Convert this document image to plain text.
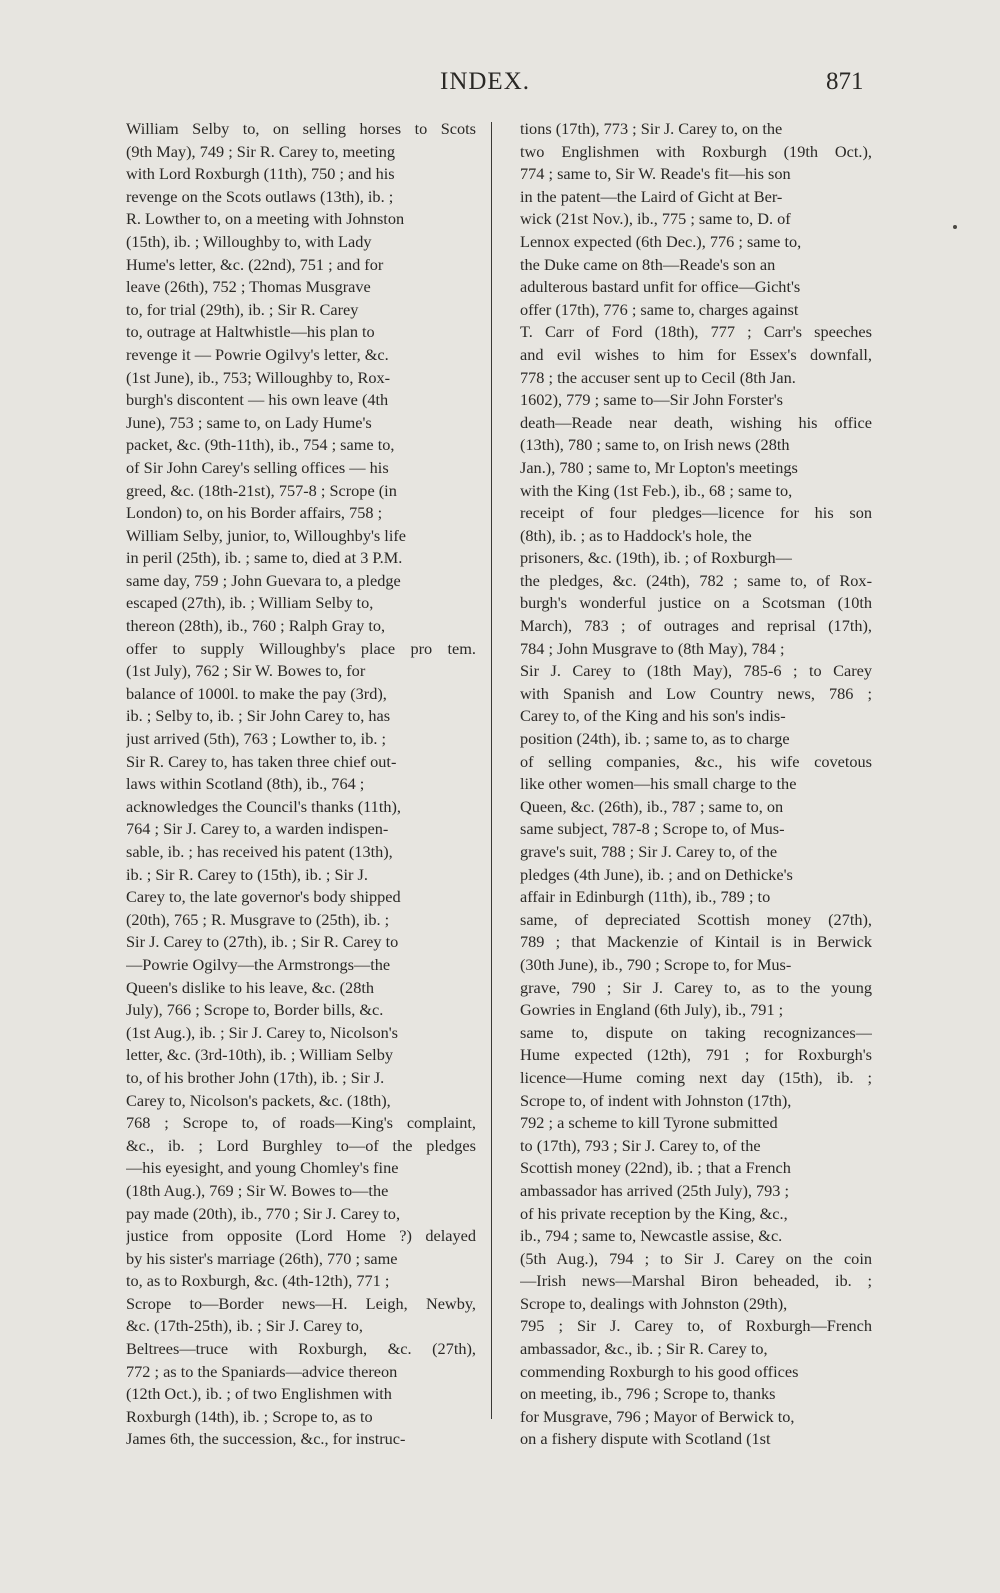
INDEX.	871
William Selby to, on selling horses to Scots
(9th May), 749 ; Sir R. Carey to, meeting
with Lord Roxburgh (11th), 750 ; and his
revenge on the Scots outlaws (13th), ib. ;
R. Lowther to, on a meeting with Johnston
(15th), ib. ; Willoughby to, with Lady
Hume's letter, &c. (22nd), 751 ; and for
leave (26th), 752 ; Thomas Musgrave
to, for trial (29th), ib. ; Sir R. Carey
to, outrage at Haltwhistle—his plan to
revenge it — Powrie Ogilvy's letter, &c.
(1st June), ib., 753; Willoughby to, Rox-
burgh's discontent — his own leave (4th
June), 753 ; same to, on Lady Hume's
packet, &c. (9th-11th), ib., 754 ; same to,
of Sir John Carey's selling offices — his
greed, &c. (18th-21st), 757-8 ; Scrope (in
London) to, on his Border affairs, 758 ;
William Selby, junior, to, Willoughby's life
in peril (25th), ib. ; same to, died at 3 P.M.
same day, 759 ; John Guevara to, a pledge
escaped (27th), ib. ; William Selby to,
thereon (28th), ib., 760 ; Ralph Gray to,
offer to supply Willoughby's place pro tem.
(1st July), 762 ; Sir W. Bowes to, for
balance of 1000l. to make the pay (3rd),
ib. ; Selby to, ib. ; Sir John Carey to, has
just arrived (5th), 763 ; Lowther to, ib. ;
Sir R. Carey to, has taken three chief out-
laws within Scotland (8th), ib., 764 ;
acknowledges the Council's thanks (11th),
764 ; Sir J. Carey to, a warden indispen-
sable, ib. ; has received his patent (13th),
ib. ; Sir R. Carey to (15th), ib. ; Sir J.
Carey to, the late governor's body shipped
(20th), 765 ; R. Musgrave to (25th), ib. ;
Sir J. Carey to (27th), ib. ; Sir R. Carey to
—Powrie Ogilvy—the Armstrongs—the
Queen's dislike to his leave, &c. (28th
July), 766 ; Scrope to, Border bills, &c.
(1st Aug.), ib. ; Sir J. Carey to, Nicolson's
letter, &c. (3rd-10th), ib. ; William Selby
to, of his brother John (17th), ib. ; Sir J.
Carey to, Nicolson's packets, &c. (18th),
768 ; Scrope to, of roads—King's complaint,
&c., ib. ; Lord Burghley to—of the pledges
—his eyesight, and young Chomley's fine
(18th Aug.), 769 ; Sir W. Bowes to—the
pay made (20th), ib., 770 ; Sir J. Carey to,
justice from opposite (Lord Home ?) delayed
by his sister's marriage (26th), 770 ; same
to, as to Roxburgh, &c. (4th-12th), 771 ;
Scrope to—Border news—H. Leigh, Newby,
&c. (17th-25th), ib. ; Sir J. Carey to,
Beltrees—truce with Roxburgh, &c. (27th),
772 ; as to the Spaniards—advice thereon
(12th Oct.), ib. ; of two Englishmen with
Roxburgh (14th), ib. ; Scrope to, as to
James 6th, the succession, &c., for instruc-
tions (17th), 773 ; Sir J. Carey to, on the
two Englishmen with Roxburgh (19th Oct.),
774 ; same to, Sir W. Reade's fit—his son
in the patent—the Laird of Gicht at Ber-
wick (21st Nov.), ib., 775 ; same to, D. of
Lennox expected (6th Dec.), 776 ; same to,
the Duke came on 8th—Reade's son an
adulterous bastard unfit for office—Gicht's
offer (17th), 776 ; same to, charges against
T. Carr of Ford (18th), 777 ; Carr's speeches
and evil wishes to him for Essex's downfall,
778 ; the accuser sent up to Cecil (8th Jan.
1602), 779 ; same to—Sir John Forster's
death—Reade near death, wishing his office
(13th), 780 ; same to, on Irish news (28th
Jan.), 780 ; same to, Mr Lopton's meetings
with the King (1st Feb.), ib., 68 ; same to,
receipt of four pledges—licence for his son
(8th), ib. ; as to Haddock's hole, the
prisoners, &c. (19th), ib. ; of Roxburgh—
the pledges, &c. (24th), 782 ; same to, of Rox-
burgh's wonderful justice on a Scotsman (10th
March), 783 ; of outrages and reprisal (17th),
784 ; John Musgrave to (8th May), 784 ;
Sir J. Carey to (18th May), 785-6 ; to Carey
with Spanish and Low Country news, 786 ;
Carey to, of the King and his son's indis-
position (24th), ib. ; same to, as to charge
of selling companies, &c., his wife covetous
like other women—his small charge to the
Queen, &c. (26th), ib., 787 ; same to, on
same subject, 787-8 ; Scrope to, of Mus-
grave's suit, 788 ; Sir J. Carey to, of the
pledges (4th June), ib. ; and on Dethicke's
affair in Edinburgh (11th), ib., 789 ; to
same, of depreciated Scottish money (27th),
789 ; that Mackenzie of Kintail is in Berwick
(30th June), ib., 790 ; Scrope to, for Mus-
grave, 790 ; Sir J. Carey to, as to the young
Gowries in England (6th July), ib., 791 ;
same to, dispute on taking recognizances—
Hume expected (12th), 791 ; for Roxburgh's
licence—Hume coming next day (15th), ib. ;
Scrope to, of indent with Johnston (17th),
792 ; a scheme to kill Tyrone submitted
to (17th), 793 ; Sir J. Carey to, of the
Scottish money (22nd), ib. ; that a French
ambassador has arrived (25th July), 793 ;
of his private reception by the King, &c.,
ib., 794 ; same to, Newcastle assise, &c.
(5th Aug.), 794 ; to Sir J. Carey on the coin
—Irish news—Marshal Biron beheaded, ib. ;
Scrope to, dealings with Johnston (29th),
795 ; Sir J. Carey to, of Roxburgh—French
ambassador, &c., ib. ; Sir R. Carey to,
commending Roxburgh to his good offices
on meeting, ib., 796 ; Scrope to, thanks
for Musgrave, 796 ; Mayor of Berwick to,
on a fishery dispute with Scotland (1st
